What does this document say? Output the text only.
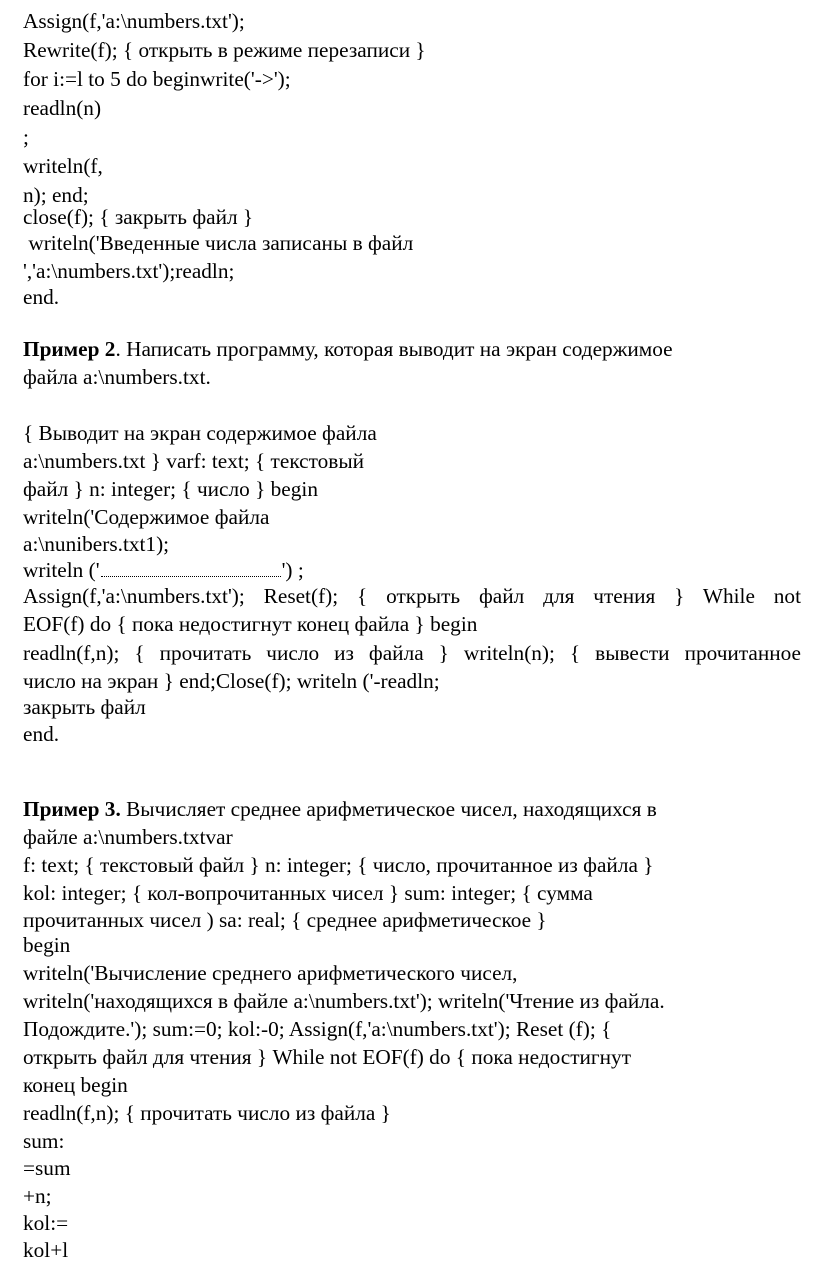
Assign(f,'a:\numbers.txt');

Rewrite(f); { открыть в режиме перезаписи }

for i:=l to 5 do beginwrite('->');

readln(n)

;

writeln(f,

n); end;

close(f); { закрыть файл }

writeln('Введенные числа записаны в файл

','a:\numbers.txt');readln;

end.

Пример 2. Написать программу, которая выводит на экран содержимое

файла a:\numbers.txt.

{ Выводит на экран содержимое файла

a:\numbers.txt } varf: text; { текстовый

файл } n: integer; { число } begin

writeln('Содержимое файла

a:\nunibers.txt1);

writeln ('	') ;

Assign(f,'a:\numbers.txt'); Reset(f); { открыть файл для чтения } While not

EOF(f) do { пока недостигнут конец файла } begin

readln(f,n); { прочитать число из файла } writeln(n); { вывести прочитанное

число на экран } end;Close(f); writeln ('-readln;

закрыть файл

end.

Пример 3. Вычисляет среднее арифметическое чисел, находящихся в

файле a:\numbers.txtvar

f: text; { текстовый файл } n: integer; { число, прочитанное из файла }

kol: integer; { кол-вопрочитанных чисел } sum: integer; { сумма

прочитанных чисел ) sa: real; { среднее арифметическое }

begin

writeln('Вычисление среднего арифметического чисел,

writeln('находящихся в файле a:\numbers.txt'); writeln('Чтение из файла.

Подождите.'); sum:=0; kol:-0; Assign(f,'a:\numbers.txt'); Reset (f); {

открыть файл для чтения } While not EOF(f) do { пока недостигнут

конец begin

readln(f,n); { прочитать число из файла }

sum:

=sum

+n;

kol:=

kol+l
